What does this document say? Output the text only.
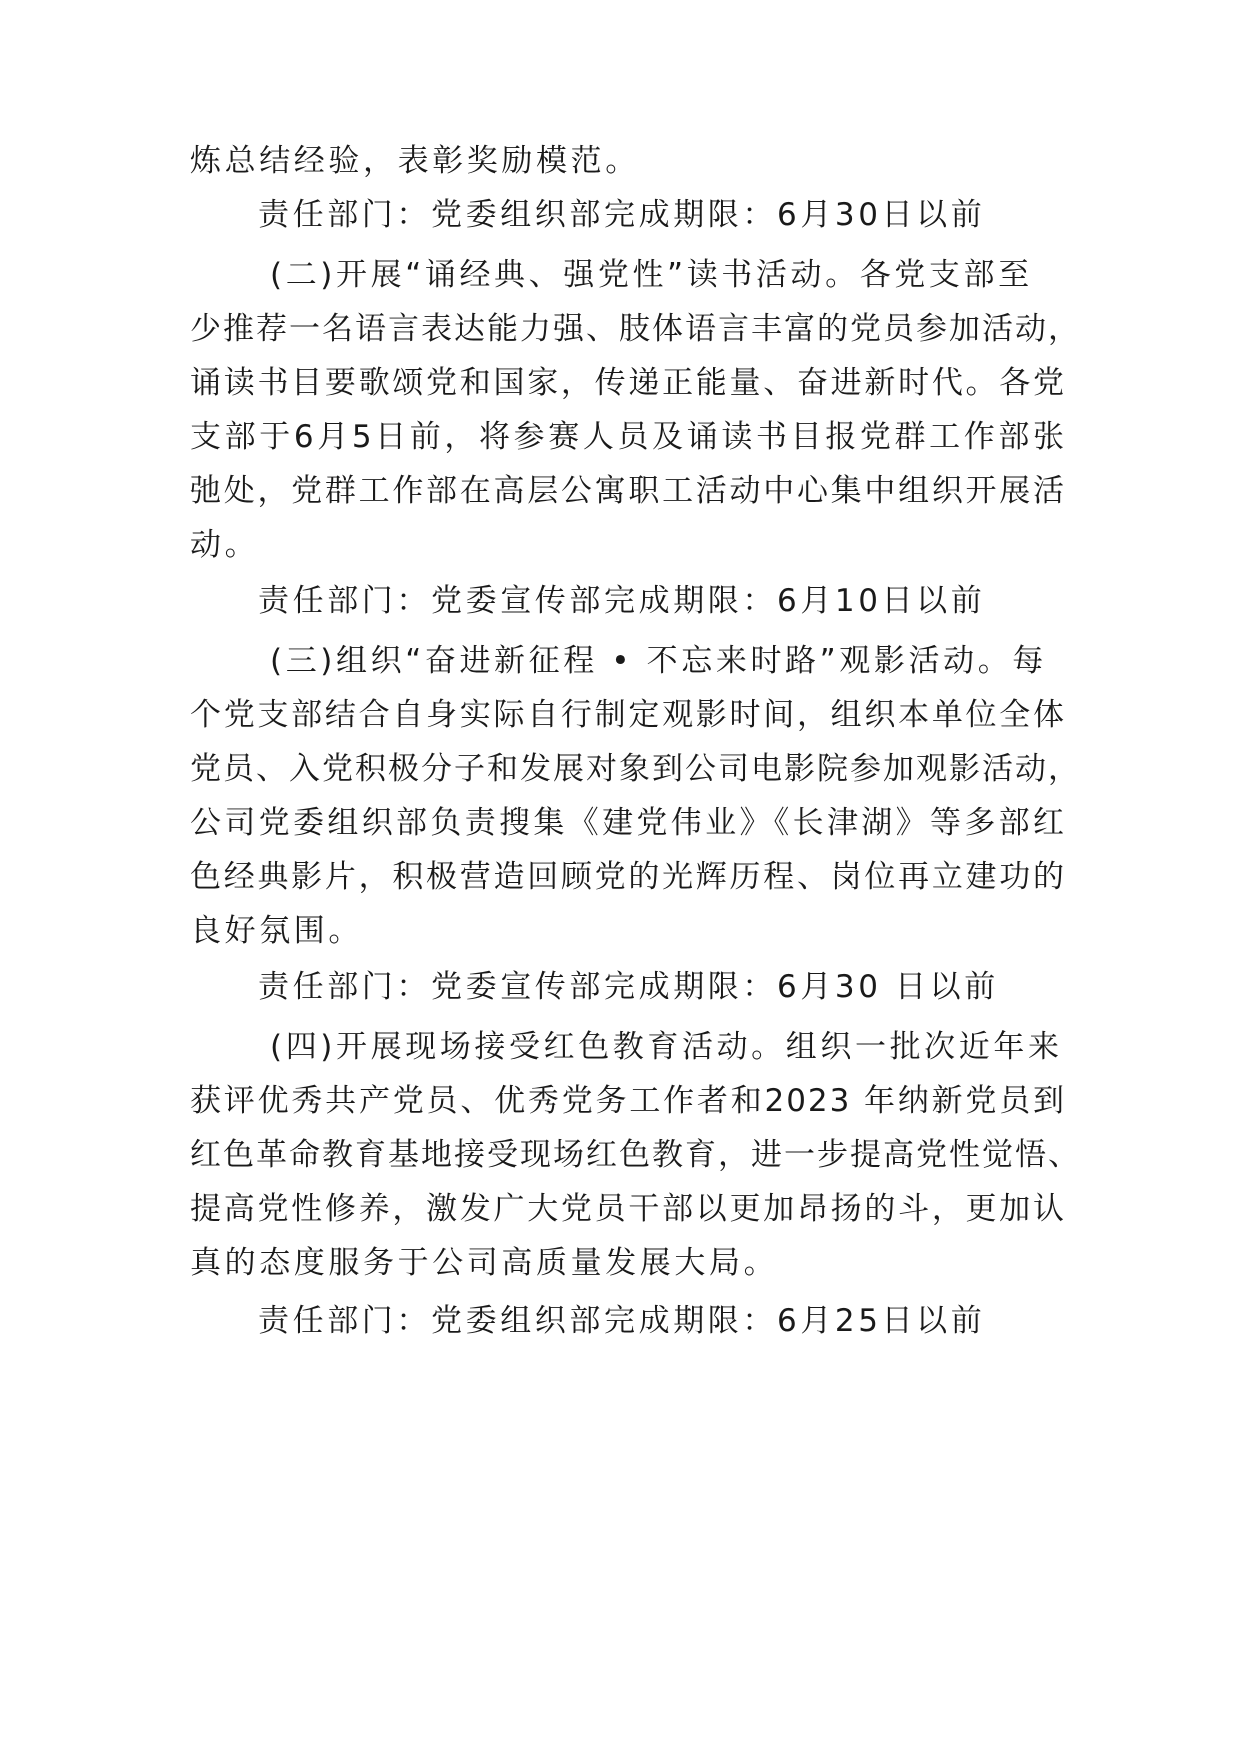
炼总结经验，表彰奖励模范。

责任部门：党委组织部完成期限：6月30日以前

(二)开展“诵经典、强党性”读书活动。各党支部至

少推荐一名语言表达能力强、肢体语言丰富的党员参加活动，

诵读书目要歌颂党和国家，传递正能量、奋进新时代。各党

支部于6月5日前，将参赛人员及诵读书目报党群工作部张

弛处，党群工作部在高层公寓职工活动中心集中组织开展活

动。

责任部门：党委宣传部完成期限：6月10日以前

(三)组织“奋进新征程 • 不忘来时路”观影活动。每

个党支部结合自身实际自行制定观影时间，组织本单位全体

党员、入党积极分子和发展对象到公司电影院参加观影活动，

公司党委组织部负责搜集《建党伟业》《长津湖》等多部红

色经典影片，积极营造回顾党的光辉历程、岗位再立建功的

良好氛围。

责任部门：党委宣传部完成期限：6月30 日以前

(四)开展现场接受红色教育活动。组织一批次近年来

获评优秀共产党员、优秀党务工作者和2023 年纳新党员到

红色革命教育基地接受现场红色教育，进一步提高党性觉悟、

提高党性修养，激发广大党员干部以更加昂扬的斗，更加认

真的态度服务于公司高质量发展大局。

责任部门：党委组织部完成期限：6月25日以前
